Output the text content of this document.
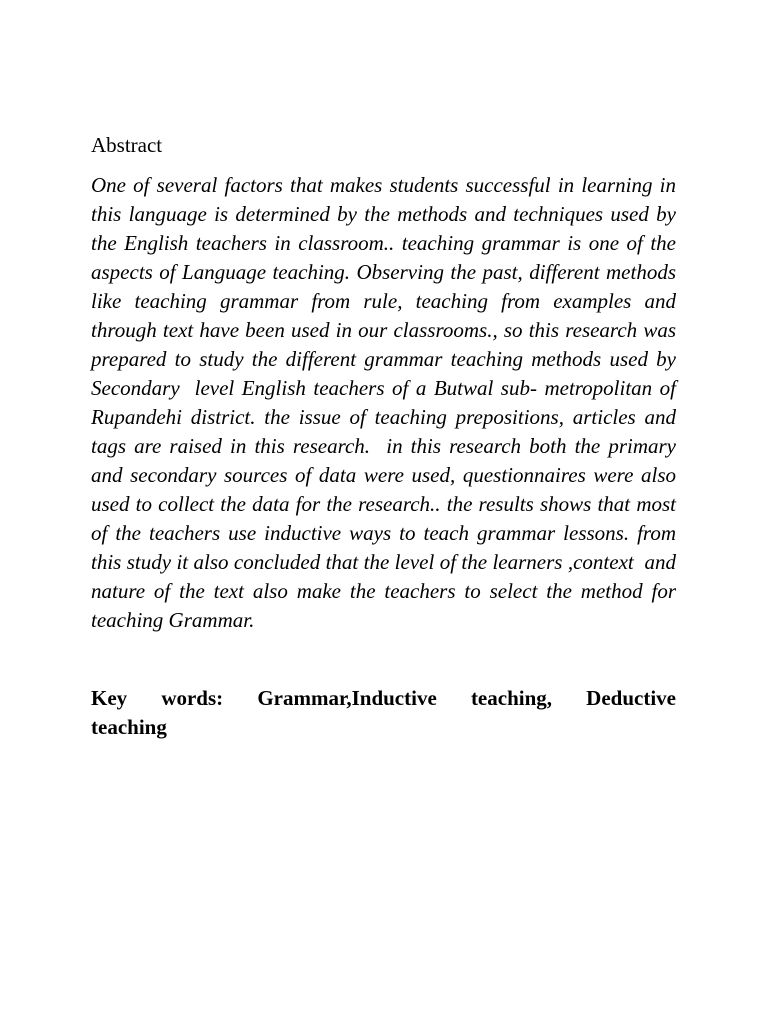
Abstract

One of several factors that makes students successful in learning in this language is determined by the methods and techniques used by the English teachers in classroom.. teaching grammar is one of the aspects of Language teaching. Observing the past, different methods like teaching grammar from rule, teaching from examples and through text have been used in our classrooms., so this research was prepared to study the different grammar teaching methods used by Secondary  level English teachers of a Butwal sub- metropolitan of Rupandehi district. the issue of teaching prepositions, articles and tags are raised in this research.  in this research both the primary and secondary sources of data were used, questionnaires were also used to collect the data for the research.. the results shows that most of the teachers use inductive ways to teach grammar lessons. from this study it also concluded that the level of the learners ,context  and nature of the text also make the teachers to select the method for teaching Grammar.

Key words: Grammar,Inductive teaching, Deductive
teaching
